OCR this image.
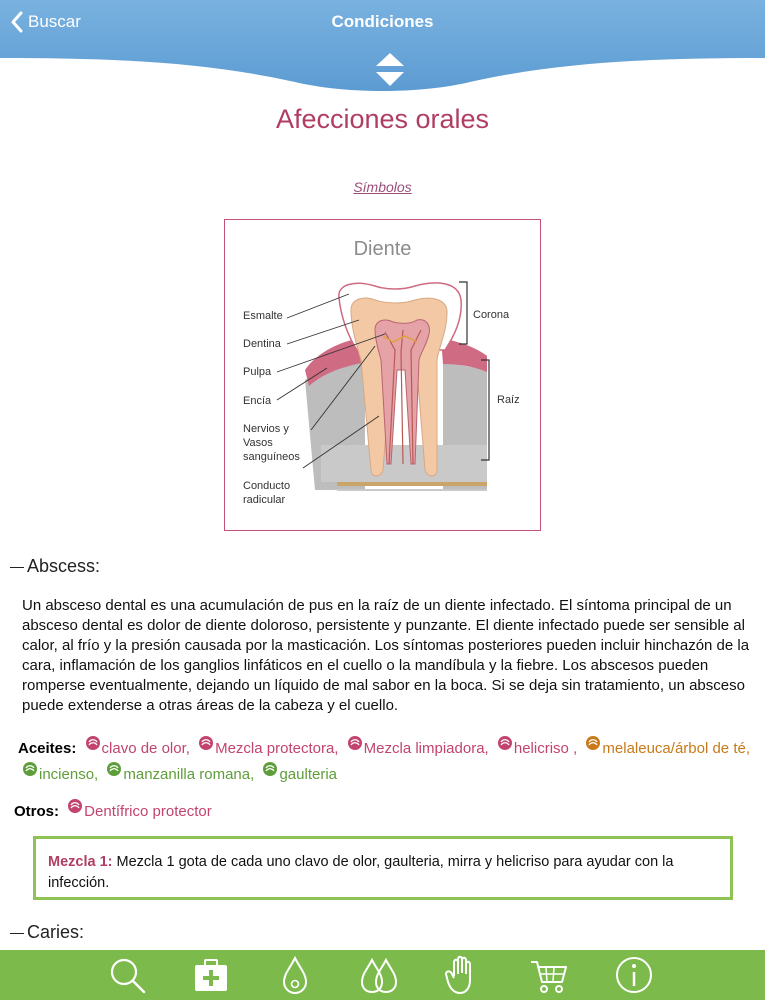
Buscar	Condiciones
Afecciones orales
Símbolos
Diente
Esmalte
Dentina
Pulpa
Encía
Nervios y
Vasos
sanguíneos
Conducto
radicular
Corona
Raíz
Abscess:
Un absceso dental es una acumulación de pus en la raíz de un diente infectado. El síntoma principal de un absceso dental es dolor de diente doloroso, persistente y punzante. El diente infectado puede ser sensible al calor, al frío y la presión causada por la masticación. Los síntomas posteriores pueden incluir hinchazón de la cara, inflamación de los ganglios linfáticos en el cuello o la mandíbula y la fiebre. Los abscesos pueden romperse eventualmente, dejando un líquido de mal sabor en la boca. Si se deja sin tratamiento, un absceso puede extenderse a otras áreas de la cabeza y el cuello.
Aceites: clavo de olor, Mezcla protectora, Mezcla limpiadora, helicriso , melaleuca/árbol de té, incienso, manzanilla romana, gaulteria
Otros: Dentífrico protector
Mezcla 1: Mezcla 1 gota de cada uno clavo de olor, gaulteria, mirra y helicriso para ayudar con la infección.
Caries:
